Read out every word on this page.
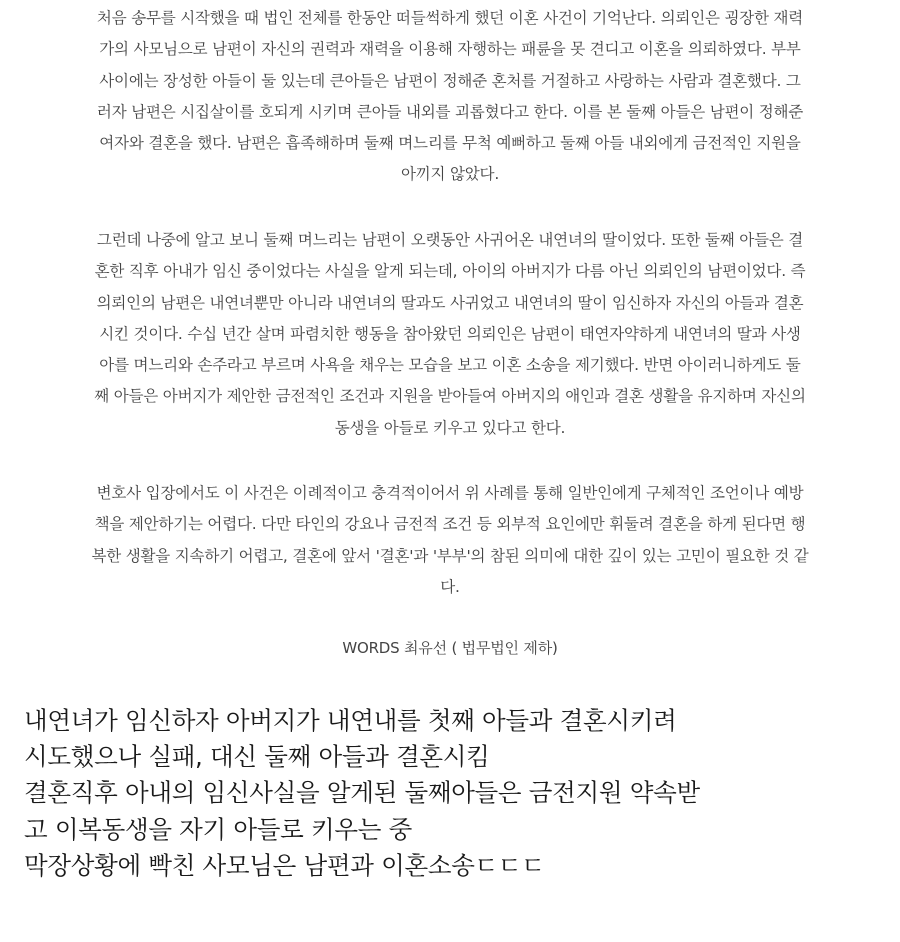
처음 송무를 시작했을 때 법인 전체를 한동안 떠들썩하게 했던 이혼 사건이 기억난다. 의뢰인은 굉장한 재력
가의 사모님으로 남편이 자신의 권력과 재력을 이용해 자행하는 패륜을 못 견디고 이혼을 의뢰하였다. 부부
사이에는 장성한 아들이 둘 있는데 큰아들은 남편이 정해준 혼처를 거절하고 사랑하는 사람과 결혼했다. 그
러자 남편은 시집살이를 호되게 시키며 큰아들 내외를 괴롭혔다고 한다. 이를 본 둘째 아들은 남편이 정해준
여자와 결혼을 했다. 남편은 흡족해하며 둘째 며느리를 무척 예뻐하고 둘째 아들 내외에게 금전적인 지원을
아끼지 않았다.

그런데 나중에 알고 보니 둘째 며느리는 남편이 오랫동안 사귀어온 내연녀의 딸이었다. 또한 둘째 아들은 결
혼한 직후 아내가 임신 중이었다는 사실을 알게 되는데, 아이의 아버지가 다름 아닌 의뢰인의 남편이었다. 즉
의뢰인의 남편은 내연녀뿐만 아니라 내연녀의 딸과도 사귀었고 내연녀의 딸이 임신하자 자신의 아들과 결혼
시킨 것이다. 수십 년간 살며 파렴치한 행동을 참아왔던 의뢰인은 남편이 태연자약하게 내연녀의 딸과 사생
아를 며느리와 손주라고 부르며 사욕을 채우는 모습을 보고 이혼 소송을 제기했다. 반면 아이러니하게도 둘
째 아들은 아버지가 제안한 금전적인 조건과 지원을 받아들여 아버지의 애인과 결혼 생활을 유지하며 자신의
동생을 아들로 키우고 있다고 한다.

변호사 입장에서도 이 사건은 이례적이고 충격적이어서 위 사례를 통해 일반인에게 구체적인 조언이나 예방
책을 제안하기는 어렵다. 다만 타인의 강요나 금전적 조건 등 외부적 요인에만 휘둘려 결혼을 하게 된다면 행
복한 생활을 지속하기 어렵고, 결혼에 앞서 '결혼'과 '부부'의 참된 의미에 대한 깊이 있는 고민이 필요한 것 같
다.

WORDS 최유선 ( 법무법인 제하)

내연녀가 임신하자 아버지가 내연내를 첫째 아들과 결혼시키려
시도했으나 실패, 대신 둘째 아들과 결혼시킴
결혼직후 아내의 임신사실을 알게된 둘째아들은 금전지원 약속받
고 이복동생을 자기 아들로 키우는 중
막장상황에 빡친 사모님은 남편과 이혼소송ㄷㄷㄷ
